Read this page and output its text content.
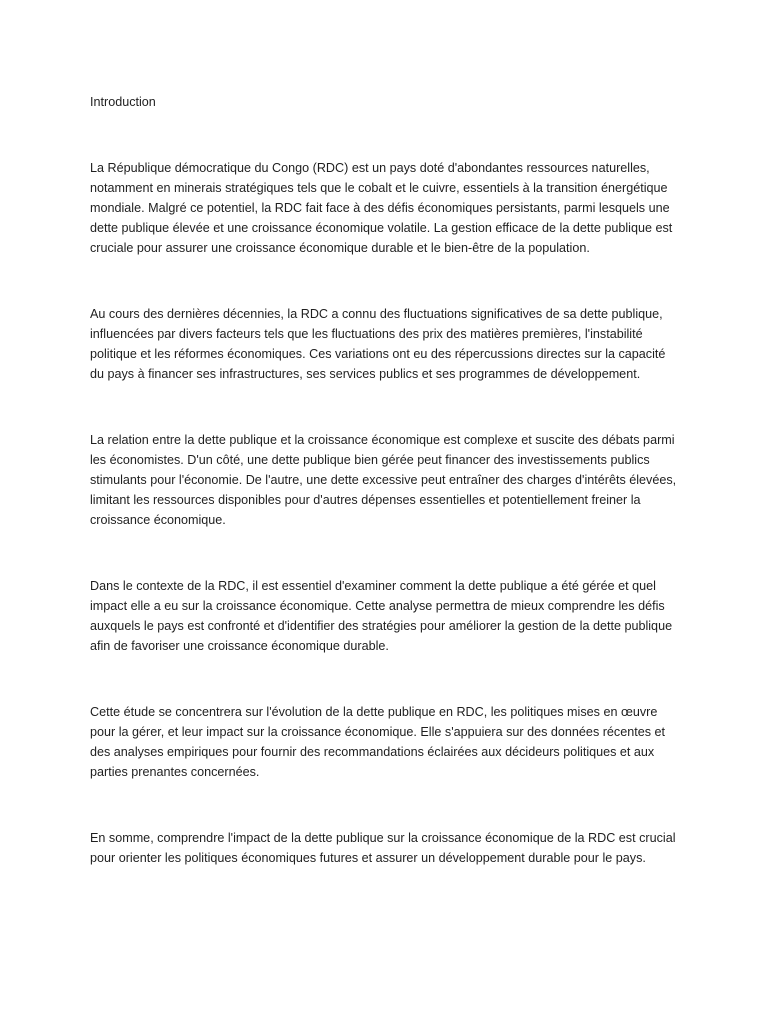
Introduction

La République démocratique du Congo (RDC) est un pays doté d'abondantes ressources naturelles, notamment en minerais stratégiques tels que le cobalt et le cuivre, essentiels à la transition énergétique mondiale. Malgré ce potentiel, la RDC fait face à des défis économiques persistants, parmi lesquels une dette publique élevée et une croissance économique volatile. La gestion efficace de la dette publique est cruciale pour assurer une croissance économique durable et le bien-être de la population.

Au cours des dernières décennies, la RDC a connu des fluctuations significatives de sa dette publique, influencées par divers facteurs tels que les fluctuations des prix des matières premières, l'instabilité politique et les réformes économiques. Ces variations ont eu des répercussions directes sur la capacité du pays à financer ses infrastructures, ses services publics et ses programmes de développement.

La relation entre la dette publique et la croissance économique est complexe et suscite des débats parmi les économistes. D'un côté, une dette publique bien gérée peut financer des investissements publics stimulants pour l'économie. De l'autre, une dette excessive peut entraîner des charges d'intérêts élevées, limitant les ressources disponibles pour d'autres dépenses essentielles et potentiellement freiner la croissance économique.

Dans le contexte de la RDC, il est essentiel d'examiner comment la dette publique a été gérée et quel impact elle a eu sur la croissance économique. Cette analyse permettra de mieux comprendre les défis auxquels le pays est confronté et d'identifier des stratégies pour améliorer la gestion de la dette publique afin de favoriser une croissance économique durable.

Cette étude se concentrera sur l'évolution de la dette publique en RDC, les politiques mises en œuvre pour la gérer, et leur impact sur la croissance économique. Elle s'appuiera sur des données récentes et des analyses empiriques pour fournir des recommandations éclairées aux décideurs politiques et aux parties prenantes concernées.

En somme, comprendre l'impact de la dette publique sur la croissance économique de la RDC est crucial pour orienter les politiques économiques futures et assurer un développement durable pour le pays.
